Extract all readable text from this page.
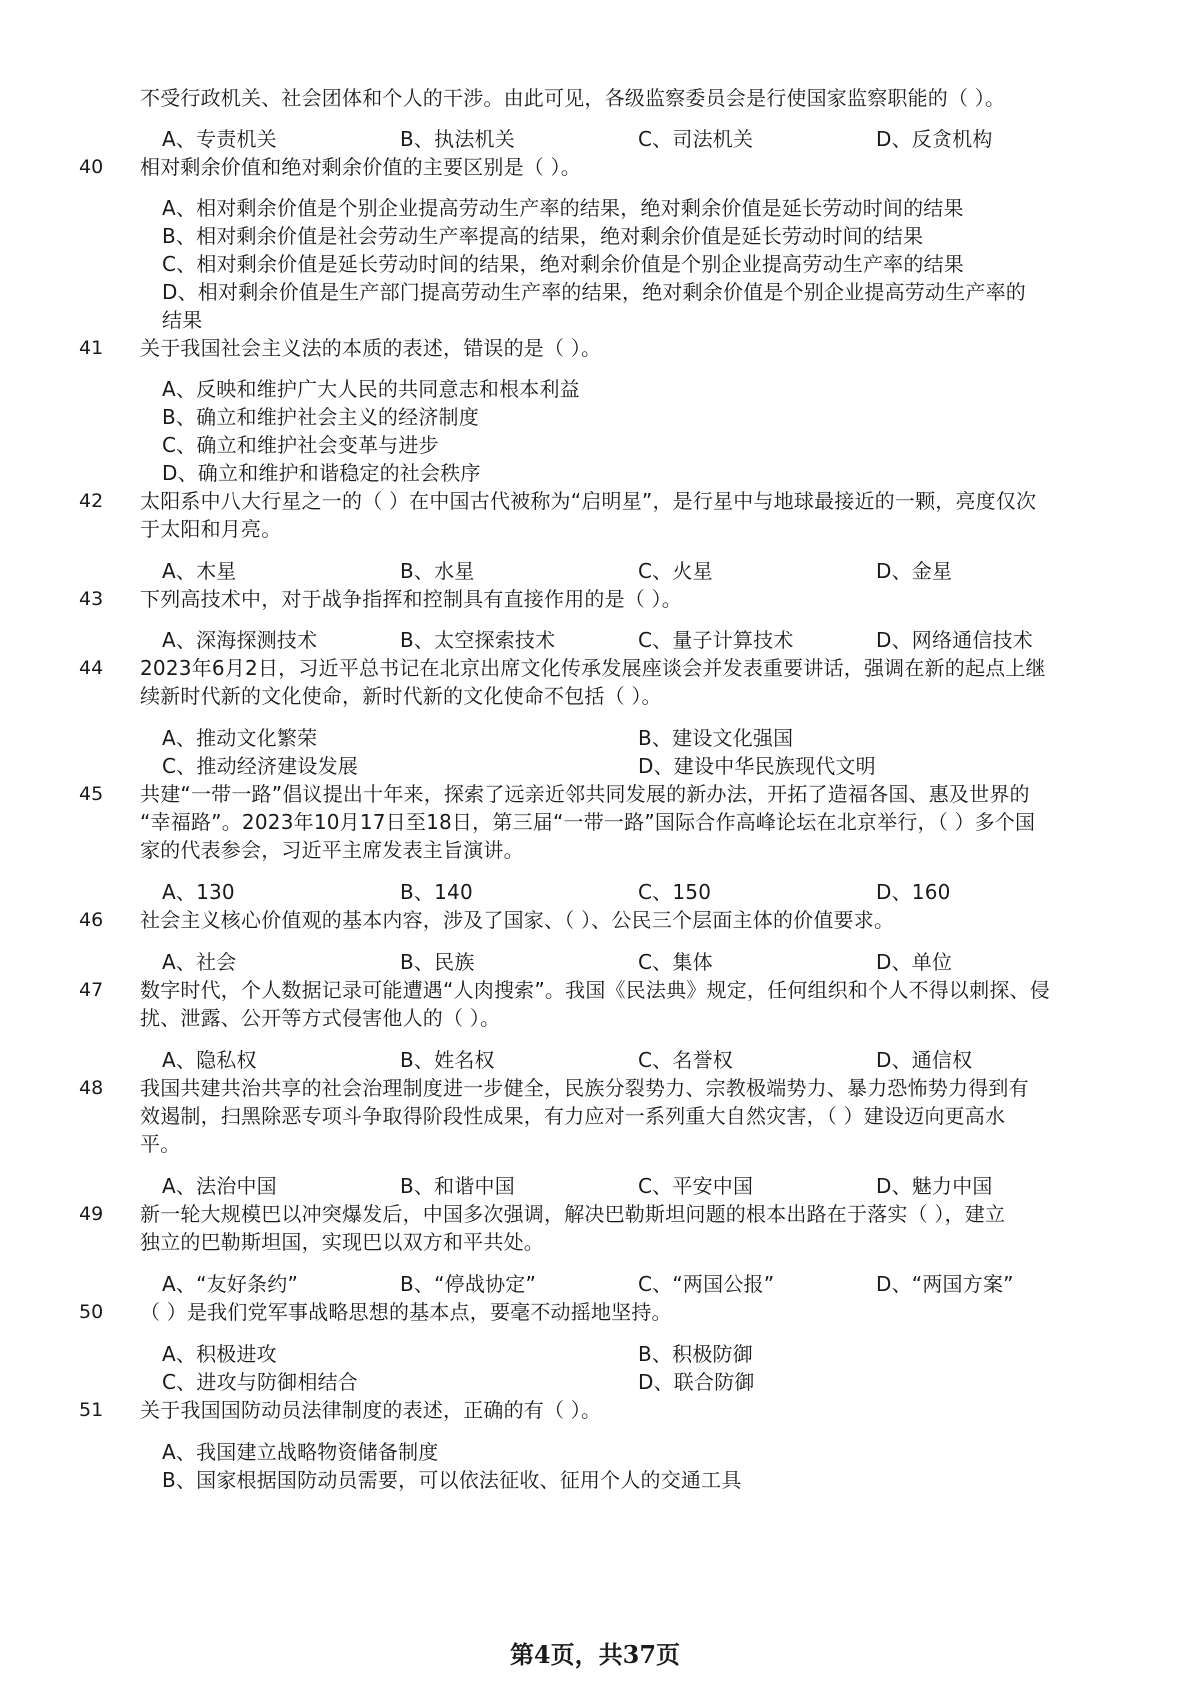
不受行政机关、社会团体和个人的干涉。由此可见，各级监察委员会是行使国家监察职能的（ ）。
A、专责机关	B、执法机关	C、司法机关	D、反贪机构
40 相对剩余价值和绝对剩余价值的主要区别是（ ）。
A、相对剩余价值是个别企业提高劳动生产率的结果，绝对剩余价值是延长劳动时间的结果
B、相对剩余价值是社会劳动生产率提高的结果，绝对剩余价值是延长劳动时间的结果
C、相对剩余价值是延长劳动时间的结果，绝对剩余价值是个别企业提高劳动生产率的结果
D、相对剩余价值是生产部门提高劳动生产率的结果，绝对剩余价值是个别企业提高劳动生产率的
结果
41 关于我国社会主义法的本质的表述，错误的是（ ）。
A、反映和维护广大人民的共同意志和根本利益
B、确立和维护社会主义的经济制度
C、确立和维护社会变革与进步
D、确立和维护和谐稳定的社会秩序
42 太阳系中八大行星之一的（ ）在中国古代被称为“启明星”，是行星中与地球最接近的一颗，亮度仅次
于太阳和月亮。
A、木星	B、水星	C、火星	D、金星
43 下列高技术中，对于战争指挥和控制具有直接作用的是（ ）。
A、深海探测技术	B、太空探索技术	C、量子计算技术	D、网络通信技术
44 2023年6月2日，习近平总书记在北京出席文化传承发展座谈会并发表重要讲话，强调在新的起点上继
续新时代新的文化使命，新时代新的文化使命不包括（ ）。
A、推动文化繁荣	B、建设文化强国
C、推动经济建设发展	D、建设中华民族现代文明
45 共建“一带一路”倡议提出十年来，探索了远亲近邻共同发展的新办法，开拓了造福各国、惠及世界的
“幸福路”。2023年10月17日至18日，第三届“一带一路”国际合作高峰论坛在北京举行，（ ）多个国
家的代表参会，习近平主席发表主旨演讲。
A、130	B、140	C、150	D、160
46 社会主义核心价值观的基本内容，涉及了国家、（ ）、公民三个层面主体的价值要求。
A、社会	B、民族	C、集体	D、单位
47 数字时代，个人数据记录可能遭遇“人肉搜索”。我国《民法典》规定，任何组织和个人不得以刺探、侵
扰、泄露、公开等方式侵害他人的（ ）。
A、隐私权	B、姓名权	C、名誉权	D、通信权
48 我国共建共治共享的社会治理制度进一步健全，民族分裂势力、宗教极端势力、暴力恐怖势力得到有
效遏制，扫黑除恶专项斗争取得阶段性成果，有力应对一系列重大自然灾害，（ ）建设迈向更高水
平。
A、法治中国	B、和谐中国	C、平安中国	D、魅力中国
49 新一轮大规模巴以冲突爆发后，中国多次强调，解决巴勒斯坦问题的根本出路在于落实（ ），建立
独立的巴勒斯坦国，实现巴以双方和平共处。
A、“友好条约”	B、“停战协定”	C、“两国公报”	D、“两国方案”
50 （ ）是我们党军事战略思想的基本点，要毫不动摇地坚持。
A、积极进攻	B、积极防御
C、进攻与防御相结合	D、联合防御
51 关于我国国防动员法律制度的表述，正确的有（ ）。
A、我国建立战略物资储备制度
B、国家根据国防动员需要，可以依法征收、征用个人的交通工具
第4页，共37页
